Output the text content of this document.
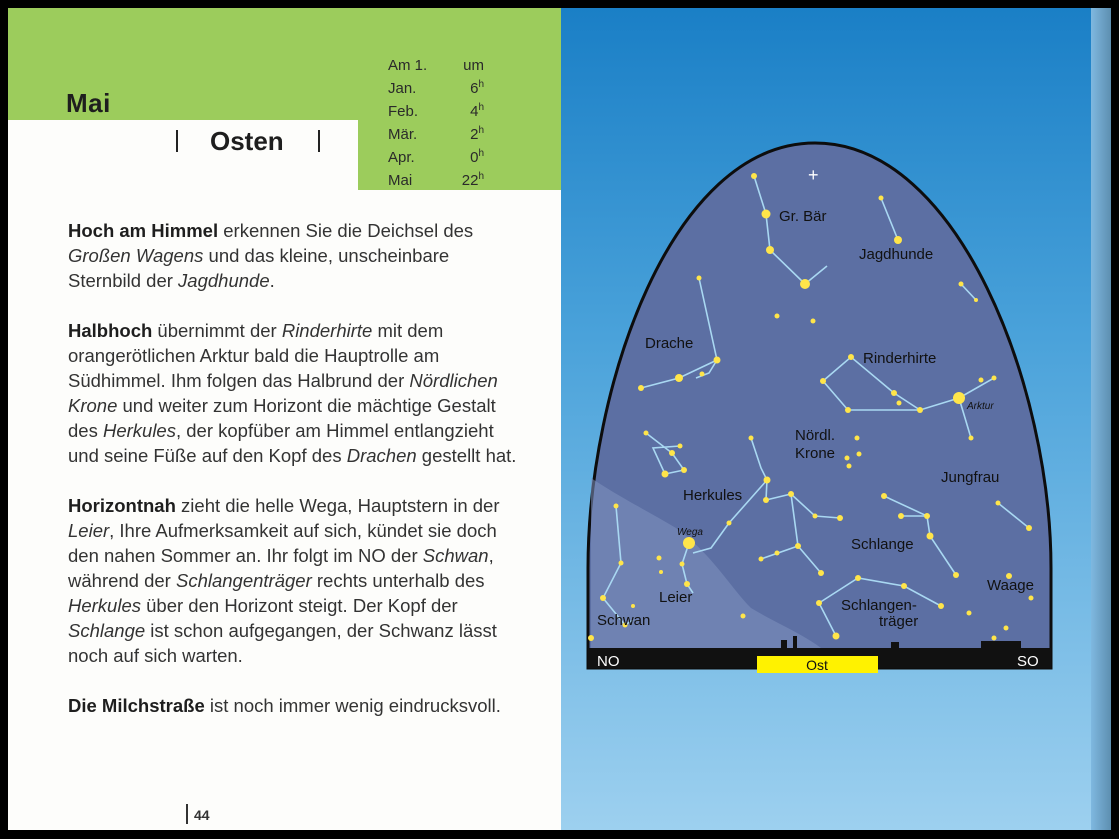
Mai
Osten
Am 1.	um
Jan.	6$^h$
Feb.	4$^h$
Mär.	2$^h$
Apr.	0$^h$
Mai	22$^h$

Hoch am Himmel erkennen Sie die Deichsel des Großen Wagens und das kleine, unscheinbare Sternbild der Jagdhunde.

Halbhoch übernimmt der Rinderhirte mit dem orangerötlichen Arktur bald die Hauptrolle am Südhimmel. Ihm folgen das Halbrund der Nördlichen Krone und weiter zum Horizont die mächtige Gestalt des Herkules, der kopfüber am Himmel entlangzieht und seine Füße auf den Kopf des Drachen gestellt hat.

Horizontnah zieht die helle Wega, Hauptstern in der Leier, Ihre Aufmerksamkeit auf sich, kündet sie doch den nahen Sommer an. Ihr folgt im NO der Schwan, während der Schlangenträger rechts unterhalb des Herkules über den Horizont steigt. Der Kopf der Schlange ist schon aufgegangen, der Schwanz lässt noch auf sich warten.

Die Milchstraße ist noch immer wenig eindrucksvoll.

44
+
Gr. Bär
Jagdhunde
Drache
Rinderhirte
Nördl.
Krone
Herkules
Jungfrau
Schlange
Leier
Schwan
Schlangen-
träger
Waage
Arktur
Wega
NO	Ost	SO
